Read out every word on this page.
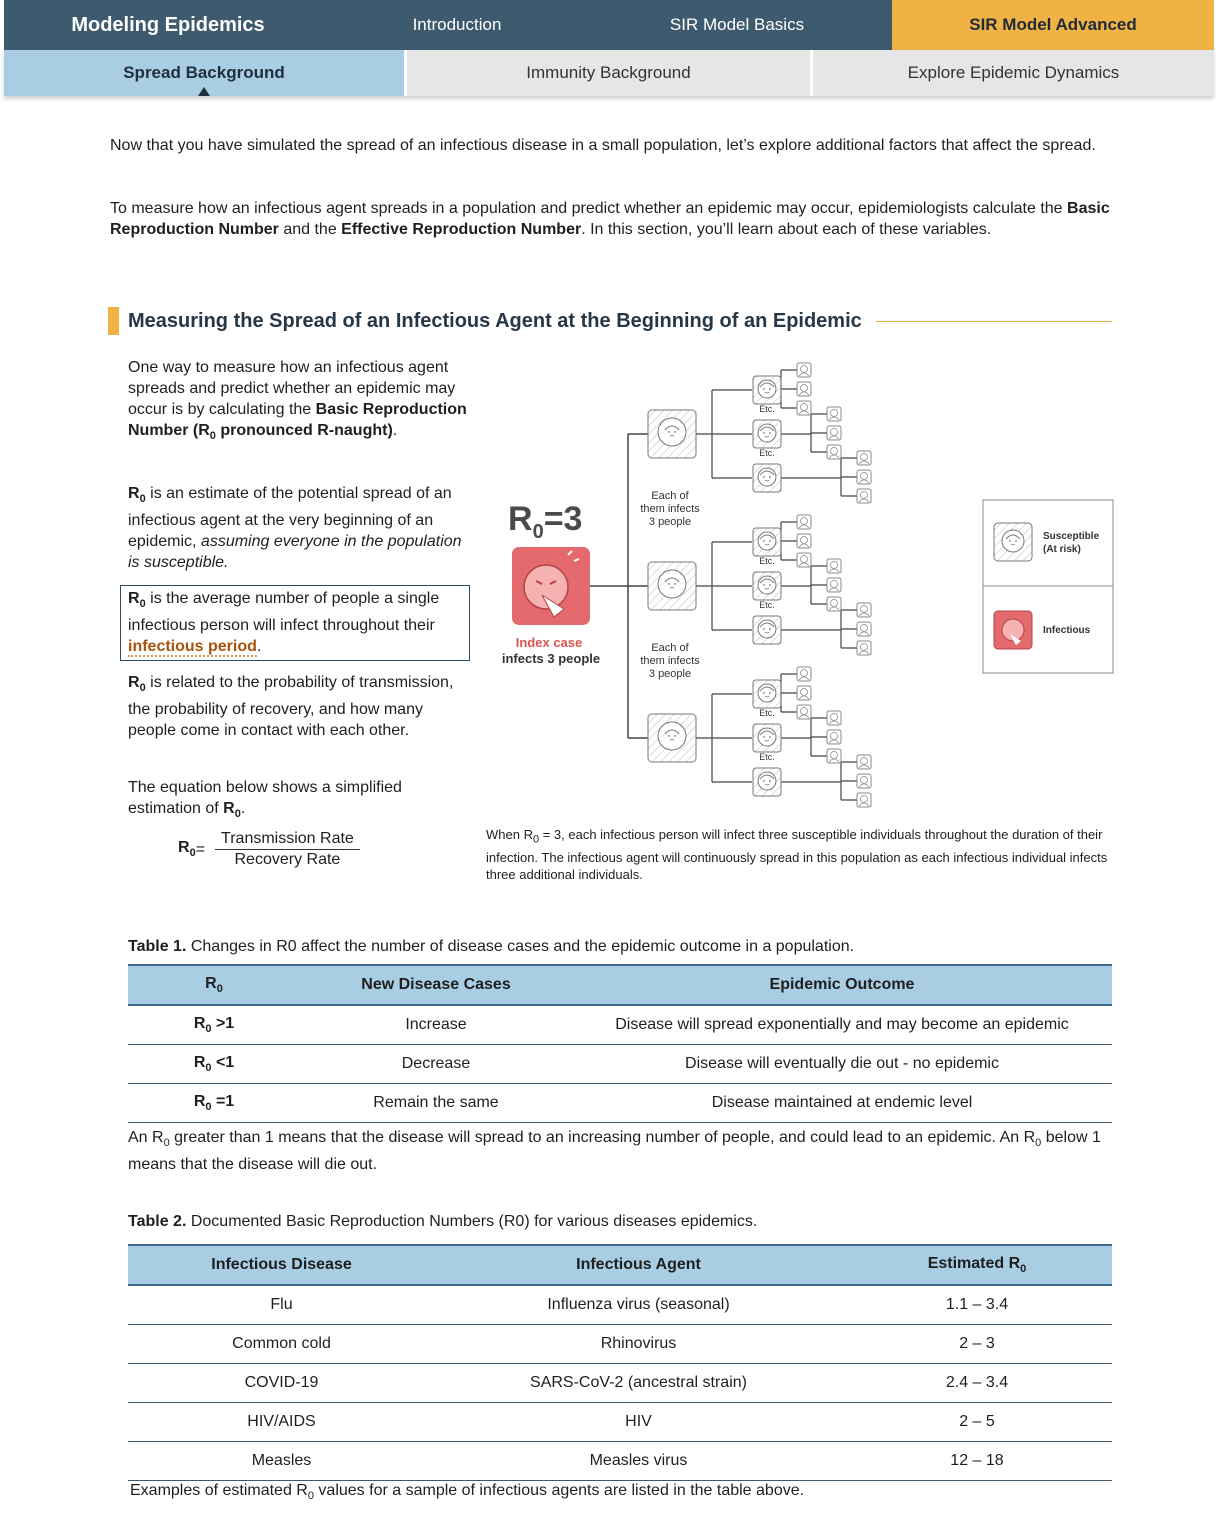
Modeling Epidemics	Introduction	SIR Model Basics	SIR Model Advanced
Spread Background	Immunity Background	Explore Epidemic Dynamics

Now that you have simulated the spread of an infectious disease in a small population, let’s explore additional factors that affect the spread.

To measure how an infectious agent spreads in a population and predict whether an epidemic may occur, epidemiologists calculate the Basic Reproduction Number and the Effective Reproduction Number. In this section, you’ll learn about each of these variables.

Measuring the Spread of an Infectious Agent at the Beginning of an Epidemic

One way to measure how an infectious agent spreads and predict whether an epidemic may occur is by calculating the Basic Reproduction Number ($R_0$ pronounced R-naught).

$R_0$ is an estimate of the potential spread of an infectious agent at the very beginning of an epidemic, assuming everyone in the population is susceptible.

$R_0$ is the average number of people a single infectious person will infect throughout their infectious period.

$R_0$ is related to the probability of transmission, the probability of recovery, and how many people come in contact with each other.

The equation below shows a simplified estimation of $R_0$.

$R_0 = \frac{\text{Transmission Rate}}{\text{Recovery Rate}}$
$R_0=3$
Index case
infects 3 people
Each of them infects 3 people
Each of them infects 3 people
Etc.
Etc.
Etc.
Etc.
Etc.
Etc.
Susceptible
(At risk)
Infectious

When $R_0 = 3$, each infectious person will infect three susceptible individuals throughout the duration of their infection. The infectious agent will continuously spread in this population as each infectious individual infects three additional individuals.

Table 1. Changes in R0 affect the number of disease cases and the epidemic outcome in a population.

$R_0$	New Disease Cases	Epidemic Outcome
$R_0 >1$	Increase	Disease will spread exponentially and may become an epidemic
$R_0 <1$	Decrease	Disease will eventually die out - no epidemic
$R_0 =1$	Remain the same	Disease maintained at endemic level

An $R_0$ greater than 1 means that the disease will spread to an increasing number of people, and could lead to an epidemic. An $R_0$ below 1 means that the disease will die out.

Table 2. Documented Basic Reproduction Numbers (R0) for various diseases epidemics.

Infectious Disease	Infectious Agent	Estimated $R_0$
Flu	Influenza virus (seasonal)	1.1 – 3.4
Common cold	Rhinovirus	2 – 3
COVID-19	SARS-CoV-2 (ancestral strain)	2.4 – 3.4
HIV/AIDS	HIV	2 – 5
Measles	Measles virus	12 – 18

Examples of estimated $R_0$ values for a sample of infectious agents are listed in the table above.
